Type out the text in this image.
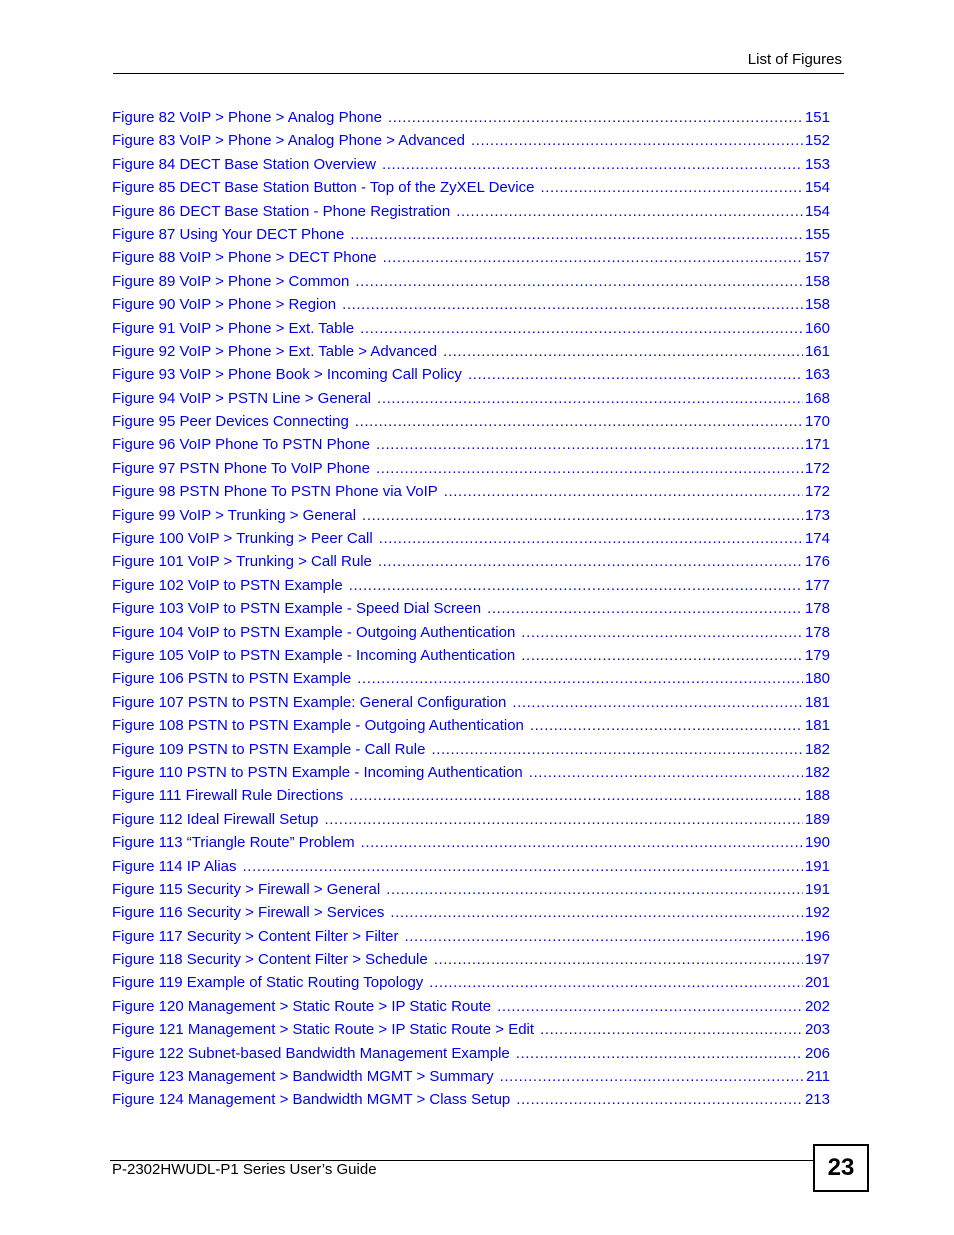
List of Figures
Figure 82 VoIP > Phone > Analog Phone .....	151
Figure 83 VoIP > Phone > Analog Phone > Advanced .....	152
Figure 84 DECT Base Station Overview .....	153
Figure 85 DECT Base Station Button - Top of the ZyXEL Device .....	154
Figure 86 DECT Base Station - Phone Registration .....	154
Figure 87 Using Your DECT Phone .....	155
Figure 88 VoIP > Phone > DECT Phone .....	157
Figure 89 VoIP > Phone > Common .....	158
Figure 90 VoIP > Phone > Region .....	158
Figure 91 VoIP > Phone > Ext. Table .....	160
Figure 92 VoIP > Phone > Ext. Table > Advanced .....	161
Figure 93 VoIP > Phone Book > Incoming Call Policy .....	163
Figure 94 VoIP > PSTN Line > General .....	168
Figure 95 Peer Devices Connecting .....	170
Figure 96 VoIP Phone To PSTN Phone .....	171
Figure 97 PSTN Phone To VoIP Phone .....	172
Figure 98 PSTN Phone To PSTN Phone via VoIP .....	172
Figure 99 VoIP > Trunking > General .....	173
Figure 100 VoIP > Trunking > Peer Call .....	174
Figure 101 VoIP > Trunking > Call Rule .....	176
Figure 102 VoIP to PSTN Example .....	177
Figure 103 VoIP to PSTN Example - Speed Dial Screen .....	178
Figure 104 VoIP to PSTN Example - Outgoing Authentication .....	178
Figure 105 VoIP to PSTN Example - Incoming Authentication .....	179
Figure 106 PSTN to PSTN Example .....	180
Figure 107 PSTN to PSTN Example: General Configuration .....	181
Figure 108 PSTN to PSTN Example - Outgoing Authentication .....	181
Figure 109 PSTN to PSTN Example - Call Rule .....	182
Figure 110 PSTN to PSTN Example - Incoming Authentication .....	182
Figure 111 Firewall Rule Directions .....	188
Figure 112 Ideal Firewall Setup .....	189
Figure 113 “Triangle Route” Problem .....	190
Figure 114 IP Alias .....	191
Figure 115 Security > Firewall > General .....	191
Figure 116 Security > Firewall > Services .....	192
Figure 117 Security > Content Filter > Filter .....	196
Figure 118 Security > Content Filter > Schedule .....	197
Figure 119 Example of Static Routing Topology .....	201
Figure 120 Management > Static Route > IP Static Route .....	202
Figure 121 Management > Static Route > IP Static Route > Edit .....	203
Figure 122 Subnet-based Bandwidth Management Example .....	206
Figure 123 Management > Bandwidth MGMT > Summary .....	211
Figure 124 Management > Bandwidth MGMT > Class Setup .....	213
P-2302HWUDL-P1 Series User’s Guide	23
